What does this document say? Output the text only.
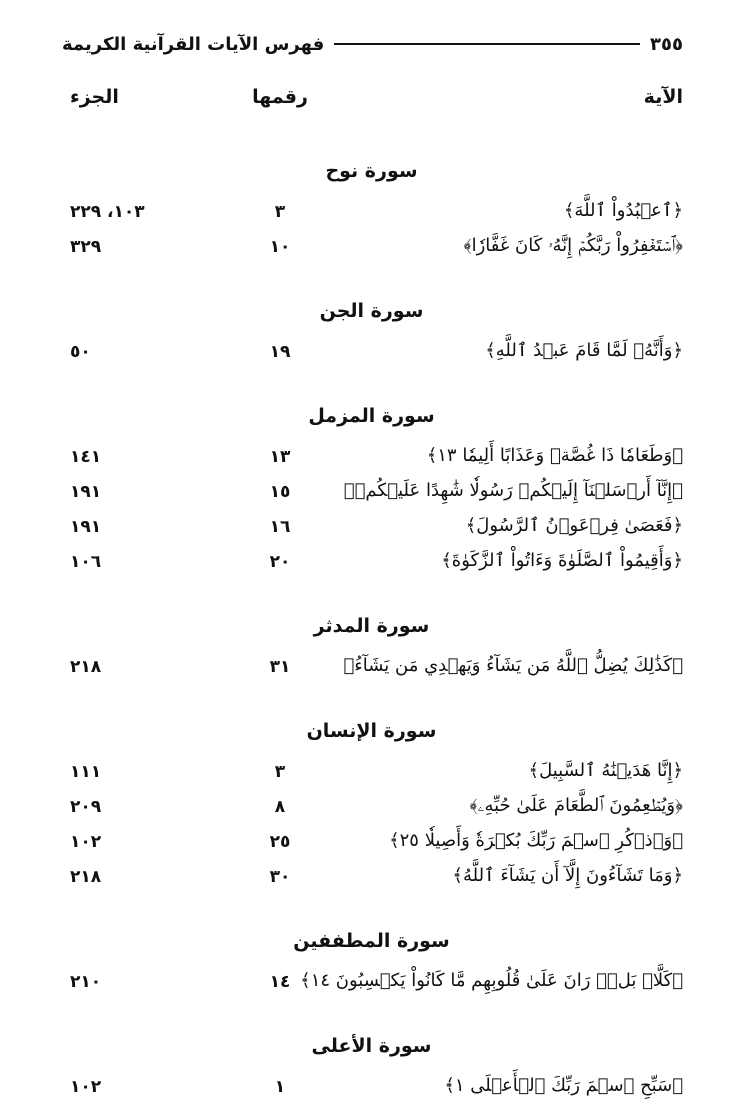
فهرس الآيات القرآنية الكريمة	٣٥٥
الآية
رقمها
الجزء
سورة نوح
﴿ٱعۡبُدُواْ ٱللَّهَ﴾
٣
١٠٣، ٢٢٩
﴿ٱسۡتَغۡفِرُواْ رَبَّكُمۡ إِنَّهُۥ كَانَ غَفَّارٗا﴾
١٠
٣٢٩
سورة الجن
﴿وَأَنَّهُۥ لَمَّا قَامَ عَبۡدُ ٱللَّهِ﴾
١٩
٥٠
سورة المزمل
﴿وَطَعَامٗا ذَا غُصَّةٖ وَعَذَابًا أَلِيمٗا ١٣﴾
١٣
١٤١
﴿إِنَّآ أَرۡسَلۡنَآ إِلَيۡكُمۡ رَسُولٗا شَٰهِدًا عَلَيۡكُمۡ﴾
١٥
١٩١
﴿فَعَصَىٰ فِرۡعَوۡنُ ٱلرَّسُولَ﴾
١٦
١٩١
﴿وَأَقِيمُواْ ٱلصَّلَوٰةَ وَءَاتُواْ ٱلزَّكَوٰةَ﴾
٢٠
١٠٦
سورة المدثر
﴿كَذَٰلِكَ يُضِلُّ ٱللَّهُ مَن يَشَآءُ وَيَهۡدِي مَن يَشَآءُ﴾
٣١
٢١٨
سورة الإنسان
﴿إِنَّا هَدَيۡنَٰهُ ٱلسَّبِيلَ﴾
٣
١١١
﴿وَيُطۡعِمُونَ ٱلطَّعَامَ عَلَىٰ حُبِّهِۦ﴾
٨
٢٠٩
﴿وَٱذۡكُرِ ٱسۡمَ رَبِّكَ بُكۡرَةٗ وَأَصِيلٗا ٢٥﴾
٢٥
١٠٢
﴿وَمَا تَشَآءُونَ إِلَّآ أَن يَشَآءَ ٱللَّهُ﴾
٣٠
٢١٨
سورة المطففين
﴿كَلَّاۖ بَلۡۜ رَانَ عَلَىٰ قُلُوبِهِم مَّا كَانُواْ يَكۡسِبُونَ ١٤﴾
١٤
٢١٠
سورة الأعلى
﴿سَبِّحِ ٱسۡمَ رَبِّكَ ٱلۡأَعۡلَى ١﴾
١
١٠٢
